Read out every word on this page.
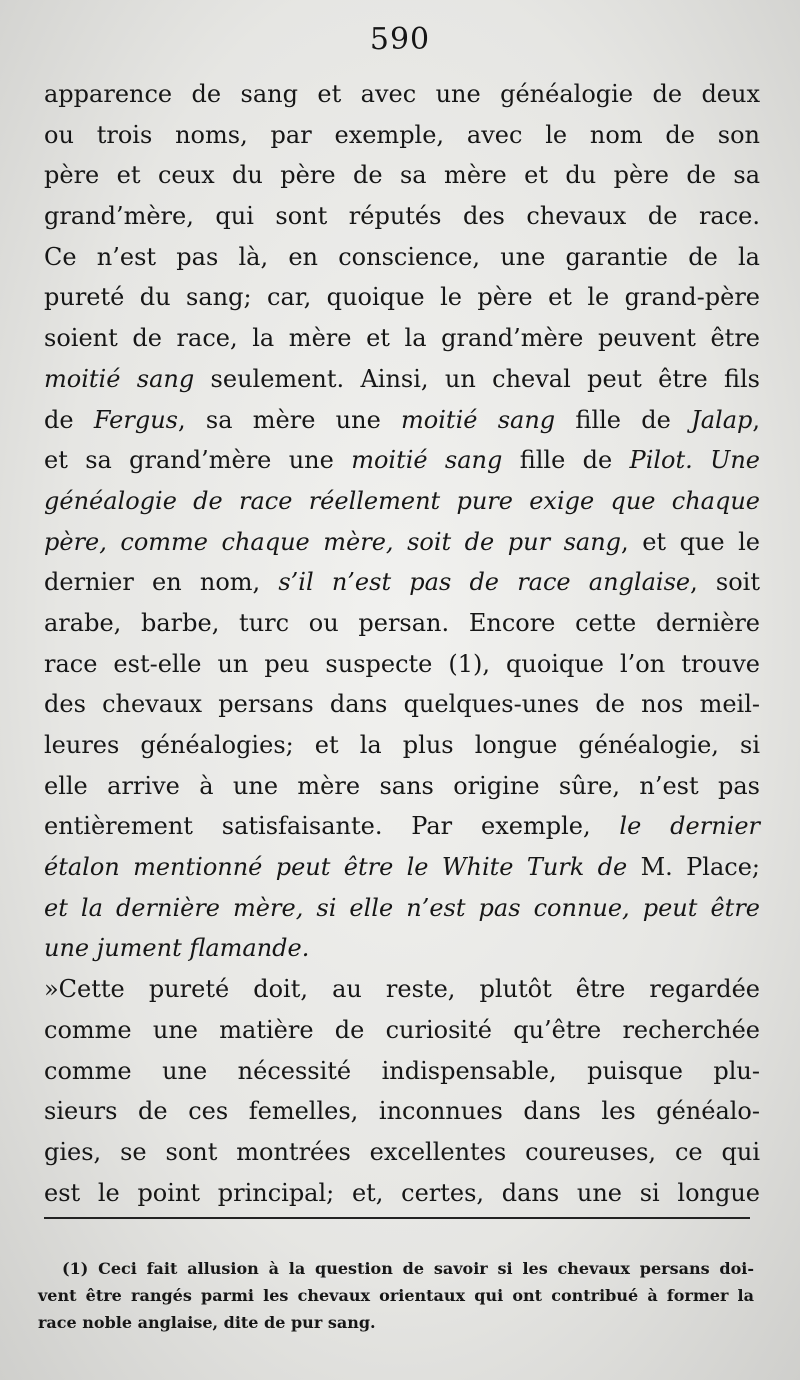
590
apparence de sang et avec une généalogie de deux
ou trois noms, par exemple, avec le nom de son
père et ceux du père de sa mère et du père de sa
grand’mère, qui sont réputés des chevaux de race.
Ce n’est pas là, en conscience, une garantie de la
pureté du sang; car, quoique le père et le grand-père
soient de race, la mère et la grand’mère peuvent être
moitié sang seulement. Ainsi, un cheval peut être fils
de Fergus, sa mère une moitié sang fille de Jalap,
et sa grand’mère une moitié sang fille de Pilot. Une
généalogie de race réellement pure exige que chaque
père, comme chaque mère, soit de pur sang, et que le
dernier en nom, s’il n’est pas de race anglaise, soit
arabe, barbe, turc ou persan. Encore cette dernière
race est-elle un peu suspecte (1), quoique l’on trouve
des chevaux persans dans quelques-unes de nos meil-
leures généalogies; et la plus longue généalogie, si
elle arrive à une mère sans origine sûre, n’est pas
entièrement satisfaisante. Par exemple, le dernier
étalon mentionné peut être le White Turk de M. Place;
et la dernière mère, si elle n’est pas connue, peut être
une jument flamande.
»Cette pureté doit, au reste, plutôt être regardée
comme une matière de curiosité qu’être recherchée
comme une nécessité indispensable, puisque plu-
sieurs de ces femelles, inconnues dans les généalo-
gies, se sont montrées excellentes coureuses, ce qui
est le point principal; et, certes, dans une si longue
(1) Ceci fait allusion à la question de savoir si les chevaux persans doi-
vent être rangés parmi les chevaux orientaux qui ont contribué à former la
race noble anglaise, dite de pur sang.
